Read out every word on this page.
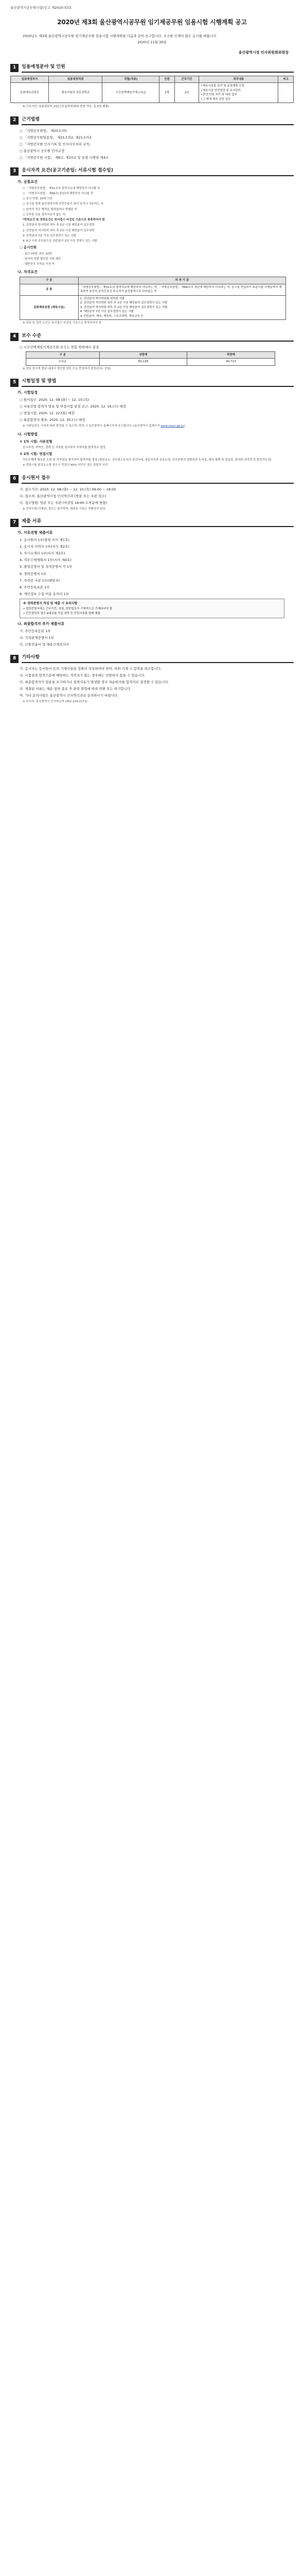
울산광역시공무원시험(공고 제2020-53호
2020년 제3회 울산광역시공무원 임기제공무원 임용시험 시행계획 공고
2020년도 제3회 울산광역시공무원 임기제공무원 임용시험 시행계획을 다음과 같이 공고합니다. 우수한 인재의 많은 응시를 바랍니다.
2020년 11월 30일
울산광역시장 인사위원회위원장
1	임용예정분야 및 인원
임용예정부서	임용예정직위	직렬(직류)	인원	근무기간	직무내용	비고
문화체육관광국	체육지원과 전문경력관	시간선택제임기제 (나)급	1명	2년	•체육시설물 관리 및 운영계획 수립
•체육시설 안전점검 및 유지관리
•관련 민원 처리 및 대외 업무
•그 밖에 체육 관련 업무	
※ 근무기간: 임용일부터 2년(근무실적에 따라 연장 가능, 총 5년 범위)
2	근거법령
○ 「지방공무원법」 제25조의5
○ 「지방공무원임용령」 제21조의2, 제21조의3
○ 「지방공무원 인사기록 및 인사사무처리 규칙」
○ 울산광역시 공무원 인사규정
○ 「지방공무원 시험」 제6조, 제10조 및 동법 시행령 제4조
3	응시자격 요건(공고기준일: 서류시험 접수일)
가. 공통요건
○ 「지방공무원법」 제31조의 결격사유에 해당하지 아니할 것
○ 「지방공무원법」 제66조(정년)에 해당하지 아니할 것
○ 응시 연령: 20세 이상
○ 공고일 현재 울산광역시에 주민등록이 되어 있거나 거주하는 자
○ 남자의 경우 병역을 필하였거나 면제된 자
○ 공무원 임용 결격사유가 없는 자
*학력요건 및 경력요건은 원서접수 마감일 기준으로 충족하여야 함
1. 관련분야 학사학위 취득 후 2년 이상 해당분야 실무경력
2. 관련분야 석사학위 취득 후 1년 이상 해당분야 실무경력
3. 관련분야 7년 이상 실무경력이 있는 사람
4. 6급 이하 공무원으로 관련분야 2년 이상 경력이 있는 사람
○ 응시인원
- 최고 15명, 최소 10명
- 남녀의 성별 평등한 기회 제공
- 대한민국 국적을 가진 자
나. 자격요건
구 분	자 격 기 준
공 통	「지방공무원법」 제31조의 결격사유에 해당하지 아니하는 자, 「지방공무원법」 제66조의 정년에 해당하지 아니하는 자, 공고일 전일부터 최종시험 시행일까지 계속하여 본인의 주민등록상 주소지가 울산광역시로 되어있는 자
문화체육관광 (체육시설)	1. 관련분야 박사학위를 취득한 사람
2. 관련분야 석사학위 취득 후 1년 이상 해당분야 실무경력이 있는 사람
3. 관련분야 학사학위 취득 후 2년 이상 해당분야 실무경력이 있는 사람
4. 해당분야 7년 이상 실무경력이 있는 사람
※ 관련분야: 체육, 체육학, 스포츠과학, 체육교육 등
※ 학위 및 경력 요건은 원서접수 마감일 기준으로 충족하여야 함
4	보수 수준
○ 시간선택제임기제공무원 보수는 연봉 범위에서 결정
구 분	상한액	하한액
(나)급	60,138	40,713
※ 연봉 한도액 범위 내에서 개인별 경력 등을 반영하여 결정(단위: 천원)
5	시험일정 및 방법
가. 시험일정
○ 원서접수: 2020. 12. 08.(화) ~ 12. 10.(목)
○ 서류전형 합격자 발표 및 면접시험 일정 공고: 2020. 12. 16.(수) 예정
○ 면접시험: 2020. 12. 22.(화) 예정
○ 최종합격자 발표: 2020. 12. 30.(수) 예정
※ 시험일정은 사정에 따라 변경될 수 있으며, 변경 시 울산광역시 홈페이지에 공고합니다. (울산광역시 홈페이지 www.ulsan.go.kr)
나. 시험방법
① 1차 시험: 서류전형
응시자격, 자격증, 경력 등 서류를 심사하여 적격자를 합격자로 결정
② 2차 시험: 면접시험
직무수행에 필요한 능력 및 적격성을 평가하여 합격자를 결정 (평정요소: 공무원으로서의 정신자세, 전문지식과 응용능력, 의사표현의 정확성과 논리성, 예의·품행 및 성실성, 창의력·의지력 및 발전가능성)
※ 면접시험 평정요소별 점수가 만점의 40% 미만인 경우 불합격 처리
6	응시원서 접수
가. 접수기간: 2020. 12. 08.(화) ~ 12. 10.(목) 09:00 ~ 18:00
나. 접수처: 울산광역시청 인사혁신과 (방문 또는 우편 접수)
다. 접수방법: 방문 또는 우편 (마감일 18:00 도착분에 한함)
※ 전자우편(이메일) 접수는 불가하며, 제출된 서류는 반환하지 않음
7	제출 서류
가. 서류전형 제출서류
1. 응시원서 1부(붙임 서식 제1호)
2. 응시자 이력서 1부(서식 제2호)
3. 자기소개서 1부(서식 제3호)
4. 직무수행계획서 1부(서식 제4호)
5. 졸업증명서 및 성적증명서 각 1부
6. 경력증명서 1부
7. 자격증 사본 1부(해당자)
8. 주민등록초본 1부
9. 개인정보 수집·이용 동의서 1부
※ 경력증명서 작성 및 제출 시 유의사항
• 경력증명서에는 근무기간, 직위, 담당업무가 구체적으로 기재되어야 함
• 민간경력의 경우 4대보험 가입 내역 등 증빙서류를 함께 제출
나. 최종합격자 추가 제출서류
가. 주민등록등본 1부
나. 가족관계증명서 1부
다. 신원진술서 및 채용신체검사서
8	기타사항
가. 응시자는 응시원서 등의 기재사항을 정확히 작성하여야 하며, 허위 기재 시 합격을 취소합니다.
나. 시험결과 합격기준에 해당하는 적격자가 없는 경우에는 선발하지 않을 수 있습니다.
다. 최종합격자가 임용을 포기하거나 결격사유가 발생할 경우 차순위자를 합격자로 결정할 수 있습니다.
라. 제출된 서류는 채용 절차 종료 후 관련 법령에 따라 반환 또는 파기합니다.
마. 기타 문의사항은 울산광역시 인사혁신과로 문의하시기 바랍니다.
※ 문의처: 울산광역시 인사혁신과 (052-229-2172)
